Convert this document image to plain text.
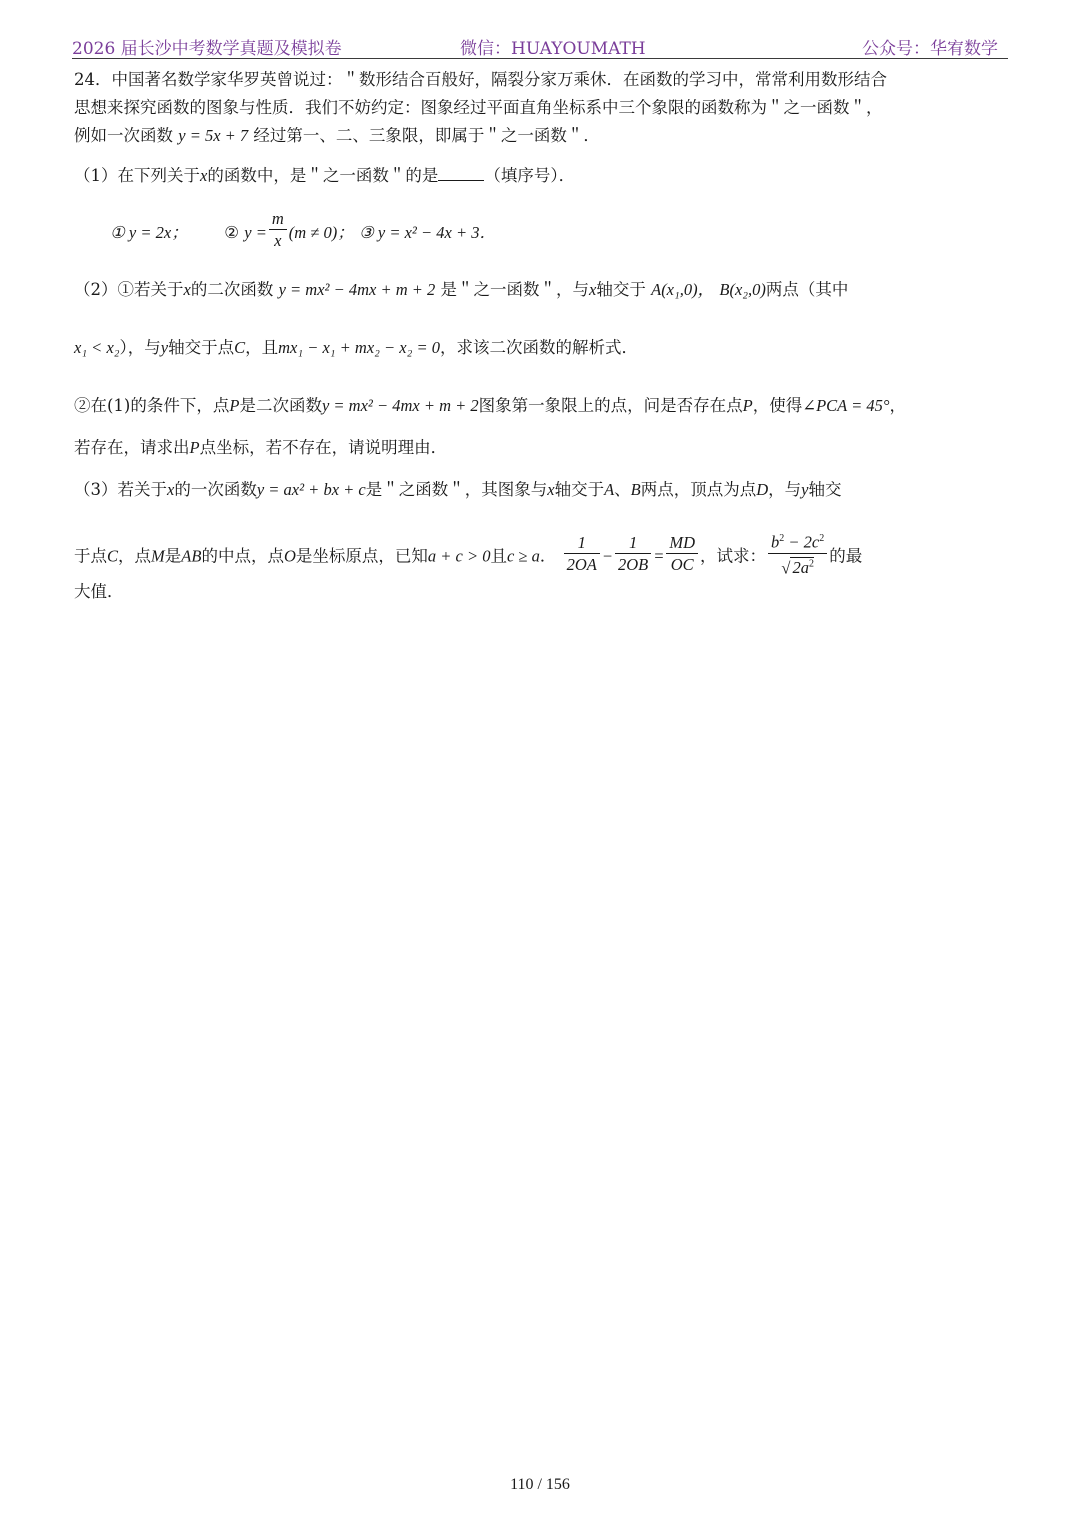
2026 届长沙中考数学真题及模拟卷	微信：HUAYOUMATH	公众号：华宥数学
24．中国著名数学家华罗英曾说过：＂数形结合百般好，隔裂分家万乘休．在函数的学习中，常常利用数形结合
思想来探究函数的图象与性质．我们不妨约定：图象经过平面直角坐标系中三个象限的函数称为＂之一函数＂，
例如一次函数 y = 5x + 7 经过第一、二、三象限，即属于＂之一函数＂．
（1）在下列关于x的函数中，是＂之一函数＂的是	（填序号）．
① y = 2x； ② $y = \frac{m}{x} (m \ne 0)$； ③ y = x² − 4x + 3．
（2）①若关于x的二次函数 y = mx² − 4mx + m + 2 是＂之一函数＂，与x轴交于 A(x₁,0)， B(x₂,0)两点（其中
x₁ < x₂），与y轴交于点C，且mx₁ − x₁ + mx₂ − x₂ = 0，求该二次函数的解析式．
②在(1)的条件下，点P是二次函数y = mx² − 4mx + m + 2图象第一象限上的点，问是否存在点P，使得∠PCA = 45°，
若存在，请求出P点坐标，若不存在，请说明理由．
（3）若关于x的一次函数y = ax² + bx + c是＂之函数＂，其图象与x轴交于A、B两点，顶点为点D，与y轴交
于点C，点M是AB的中点，点O是坐标原点，已知a + c > 0且c ≥ a． $\frac{1}{2OA} - \frac{1}{2OB} = \frac{MD}{OC}$ ，试求： $\frac{b^2 - 2c^2}{√ 2a^2}$ 的最
大值．
110 / 156
